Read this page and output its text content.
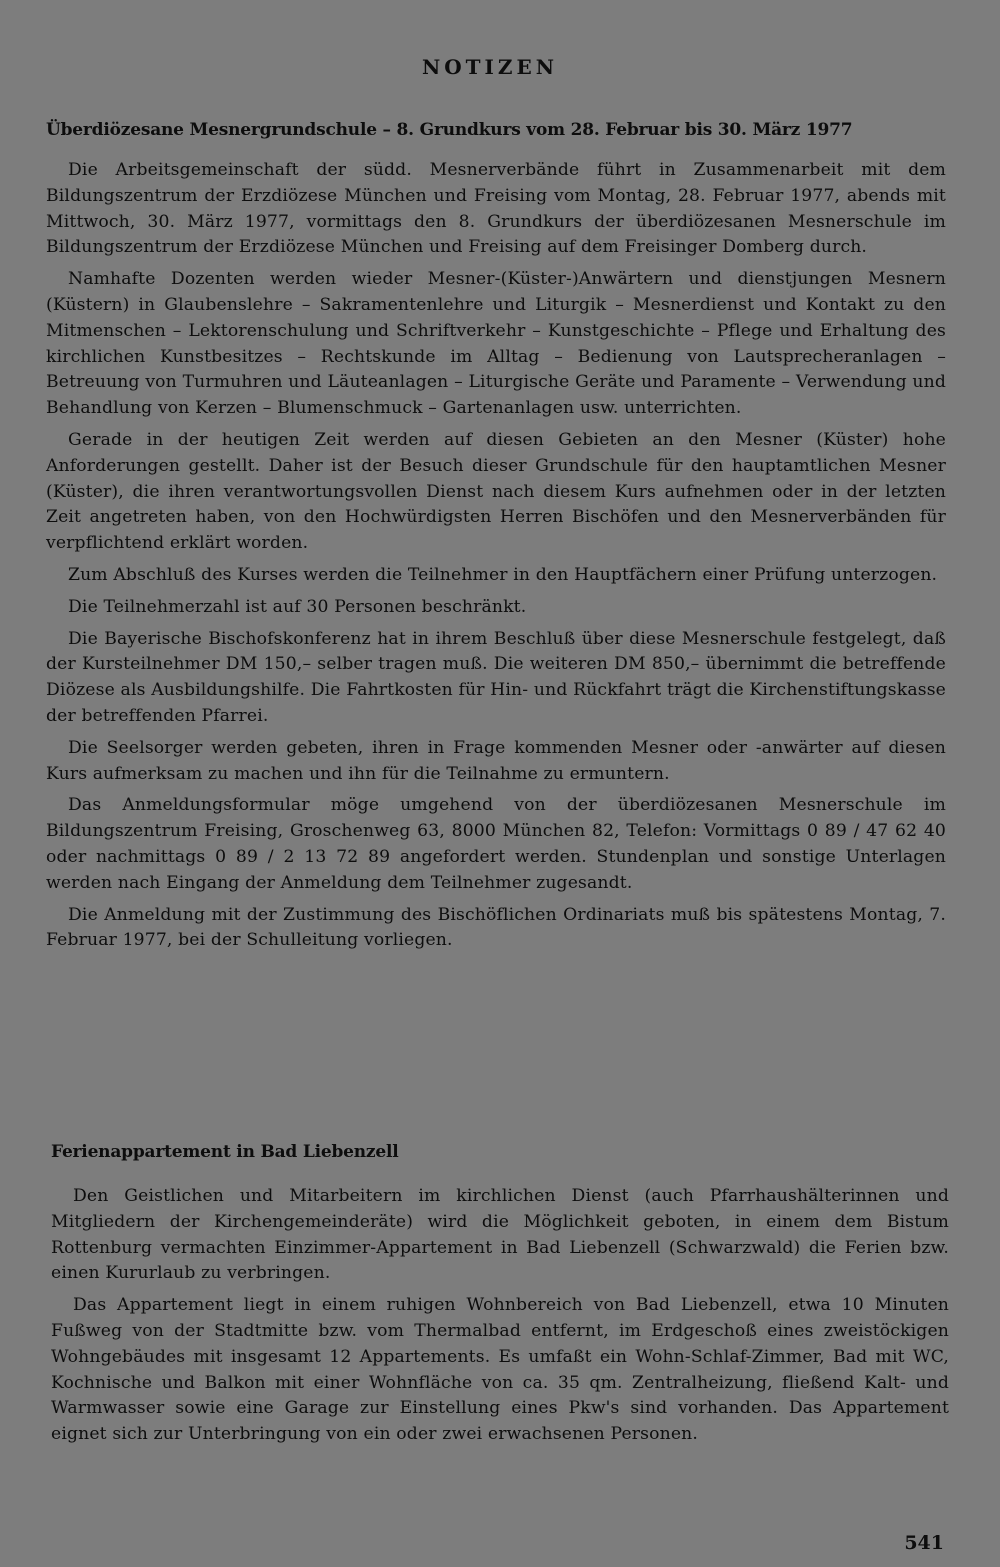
NOTIZEN
Überdiözesane Mesnergrundschule – 8. Grundkurs vom 28. Februar bis 30. März 1977

Die Arbeitsgemeinschaft der südd. Mesnerverbände führt in Zusammenarbeit mit dem Bildungszentrum der Erzdiözese München und Freising vom Montag, 28. Februar 1977, abends mit Mittwoch, 30. März 1977, vormittags den 8. Grundkurs der überdiözesanen Mesnerschule im Bildungszentrum der Erzdiözese München und Freising auf dem Freisinger Domberg durch.

Namhafte Dozenten werden wieder Mesner-(Küster-)Anwärtern und dienstjungen Mesnern (Küstern) in Glaubenslehre – Sakramentenlehre und Liturgik – Mesnerdienst und Kontakt zu den Mitmenschen – Lektorenschulung und Schriftverkehr – Kunstgeschichte – Pflege und Erhaltung des kirchlichen Kunstbesitzes – Rechtskunde im Alltag – Bedienung von Lautsprecheranlagen – Betreuung von Turmuhren und Läuteanlagen – Liturgische Geräte und Paramente – Verwendung und Behandlung von Kerzen – Blumenschmuck – Gartenanlagen usw. unterrichten.

Gerade in der heutigen Zeit werden auf diesen Gebieten an den Mesner (Küster) hohe Anforderungen gestellt. Daher ist der Besuch dieser Grundschule für den hauptamtlichen Mesner (Küster), die ihren verantwortungsvollen Dienst nach diesem Kurs aufnehmen oder in der letzten Zeit angetreten haben, von den Hochwürdigsten Herren Bischöfen und den Mesnerverbänden für verpflichtend erklärt worden.

Zum Abschluß des Kurses werden die Teilnehmer in den Hauptfächern einer Prüfung unterzogen.

Die Teilnehmerzahl ist auf 30 Personen beschränkt.

Die Bayerische Bischofskonferenz hat in ihrem Beschluß über diese Mesnerschule festgelegt, daß der Kursteilnehmer DM 150,– selber tragen muß. Die weiteren DM 850,– übernimmt die betreffende Diözese als Ausbildungshilfe. Die Fahrtkosten für Hin- und Rückfahrt trägt die Kirchenstiftungskasse der betreffenden Pfarrei.

Die Seelsorger werden gebeten, ihren in Frage kommenden Mesner oder -anwärter auf diesen Kurs aufmerksam zu machen und ihn für die Teilnahme zu ermuntern.

Das Anmeldungsformular möge umgehend von der überdiözesanen Mesnerschule im Bildungszentrum Freising, Groschenweg 63, 8000 München 82, Telefon: Vormittags 0 89 / 47 62 40 oder nachmittags 0 89 / 2 13 72 89 angefordert werden. Stundenplan und sonstige Unterlagen werden nach Eingang der Anmeldung dem Teilnehmer zugesandt.

Die Anmeldung mit der Zustimmung des Bischöflichen Ordinariats muß bis spätestens Montag, 7. Februar 1977, bei der Schulleitung vorliegen.

Ferienappartement in Bad Liebenzell

Den Geistlichen und Mitarbeitern im kirchlichen Dienst (auch Pfarrhaushälterinnen und Mitgliedern der Kirchengemeinderäte) wird die Möglichkeit geboten, in einem dem Bistum Rottenburg vermachten Einzimmer-Appartement in Bad Liebenzell (Schwarzwald) die Ferien bzw. einen Kururlaub zu verbringen.

Das Appartement liegt in einem ruhigen Wohnbereich von Bad Liebenzell, etwa 10 Minuten Fußweg von der Stadtmitte bzw. vom Thermalbad entfernt, im Erdgeschoß eines zweistöckigen Wohngebäudes mit insgesamt 12 Appartements. Es umfaßt ein Wohn-Schlaf-Zimmer, Bad mit WC, Kochnische und Balkon mit einer Wohnfläche von ca. 35 qm. Zentralheizung, fließend Kalt- und Warmwasser sowie eine Garage zur Einstellung eines Pkw's sind vorhanden. Das Appartement eignet sich zur Unterbringung von ein oder zwei erwachsenen Personen.

541
